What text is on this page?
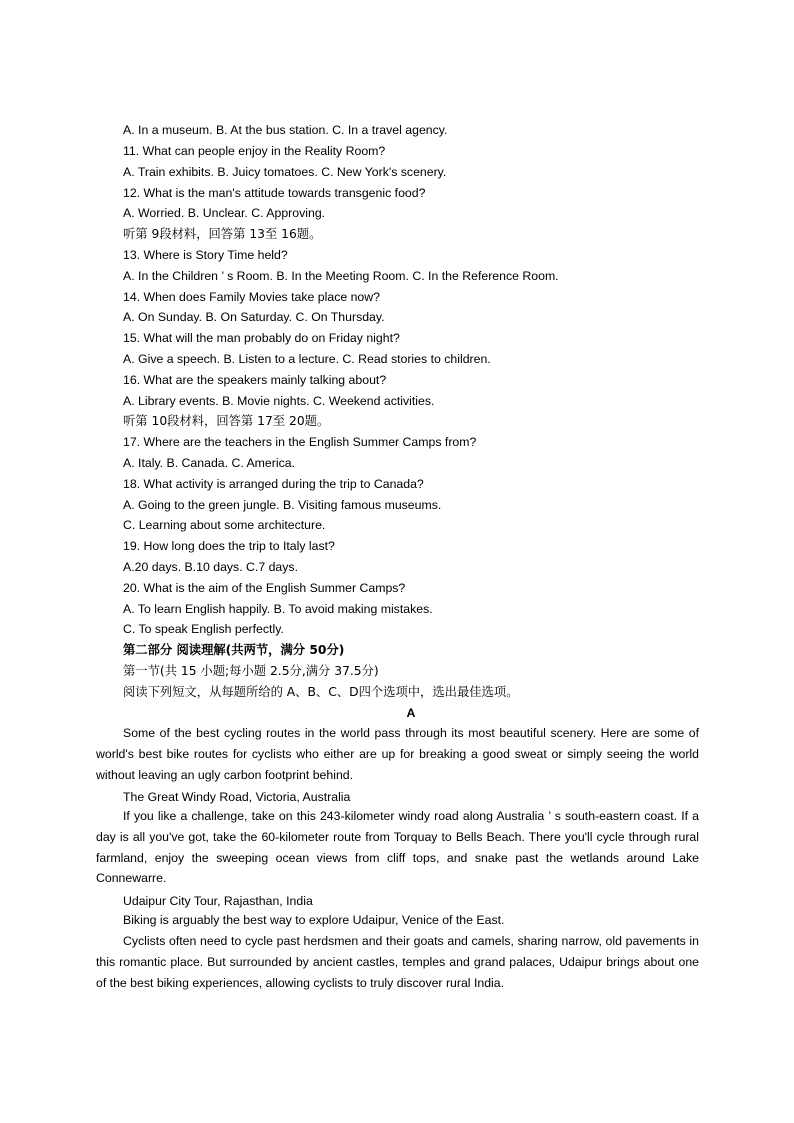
A. In a museum. B. At the bus station. C. In a travel agency.
11. What can people enjoy in the Reality Room?
A. Train exhibits. B. Juicy tomatoes. C. New York's scenery.
12. What is the man's attitude towards transgenic food?
A. Worried. B. Unclear. C. Approving.
听第 9段材料，回答第 13至 16题。
13. Where is Story Time held?
A. In the Children ’ s Room. B. In the Meeting Room. C. In the Reference Room.
14. When does Family Movies take place now?
A. On Sunday. B. On Saturday. C. On Thursday.
15. What will the man probably do on Friday night?
A. Give a speech. B. Listen to a lecture. C. Read stories to children.
16. What are the speakers mainly talking about?
A. Library events. B. Movie nights. C. Weekend activities.
听第 10段材料，回答第 17至 20题。
17. Where are the teachers in the English Summer Camps from?
A. Italy. B. Canada. C. America.
18. What activity is arranged during the trip to Canada?
A. Going to the green jungle. B. Visiting famous museums.
C. Learning about some architecture.
19. How long does the trip to Italy last?
A.20 days. B.10 days. C.7 days.
20. What is the aim of the English Summer Camps?
A. To learn English happily. B. To avoid making mistakes.
C. To speak English perfectly.
第二部分 阅读理解(共两节，满分 50分)
第一节(共 15 小题;每小题 2.5分,满分 37.5分)
阅读下列短文，从每题所给的 A、B、C、D四个选项中，选出最佳选项。
A
Some of the best cycling routes in the world pass through its most beautiful scenery. Here are some of world's best bike routes for cyclists who either are up for breaking a good sweat or simply seeing the world without leaving an ugly carbon footprint behind.
The Great Windy Road, Victoria, Australia
If you like a challenge, take on this 243-kilometer windy road along Australia ’ s south-eastern coast. If a day is all you've got, take the 60-kilometer route from Torquay to Bells Beach. There you'll cycle through rural farmland, enjoy the sweeping ocean views from cliff tops, and snake past the wetlands around Lake Connewarre.
Udaipur City Tour, Rajasthan, India
Biking is arguably the best way to explore Udaipur, Venice of the East.
Cyclists often need to cycle past herdsmen and their goats and camels, sharing narrow, old pavements in this romantic place. But surrounded by ancient castles, temples and grand palaces, Udaipur brings about one of the best biking experiences, allowing cyclists to truly discover rural India.
